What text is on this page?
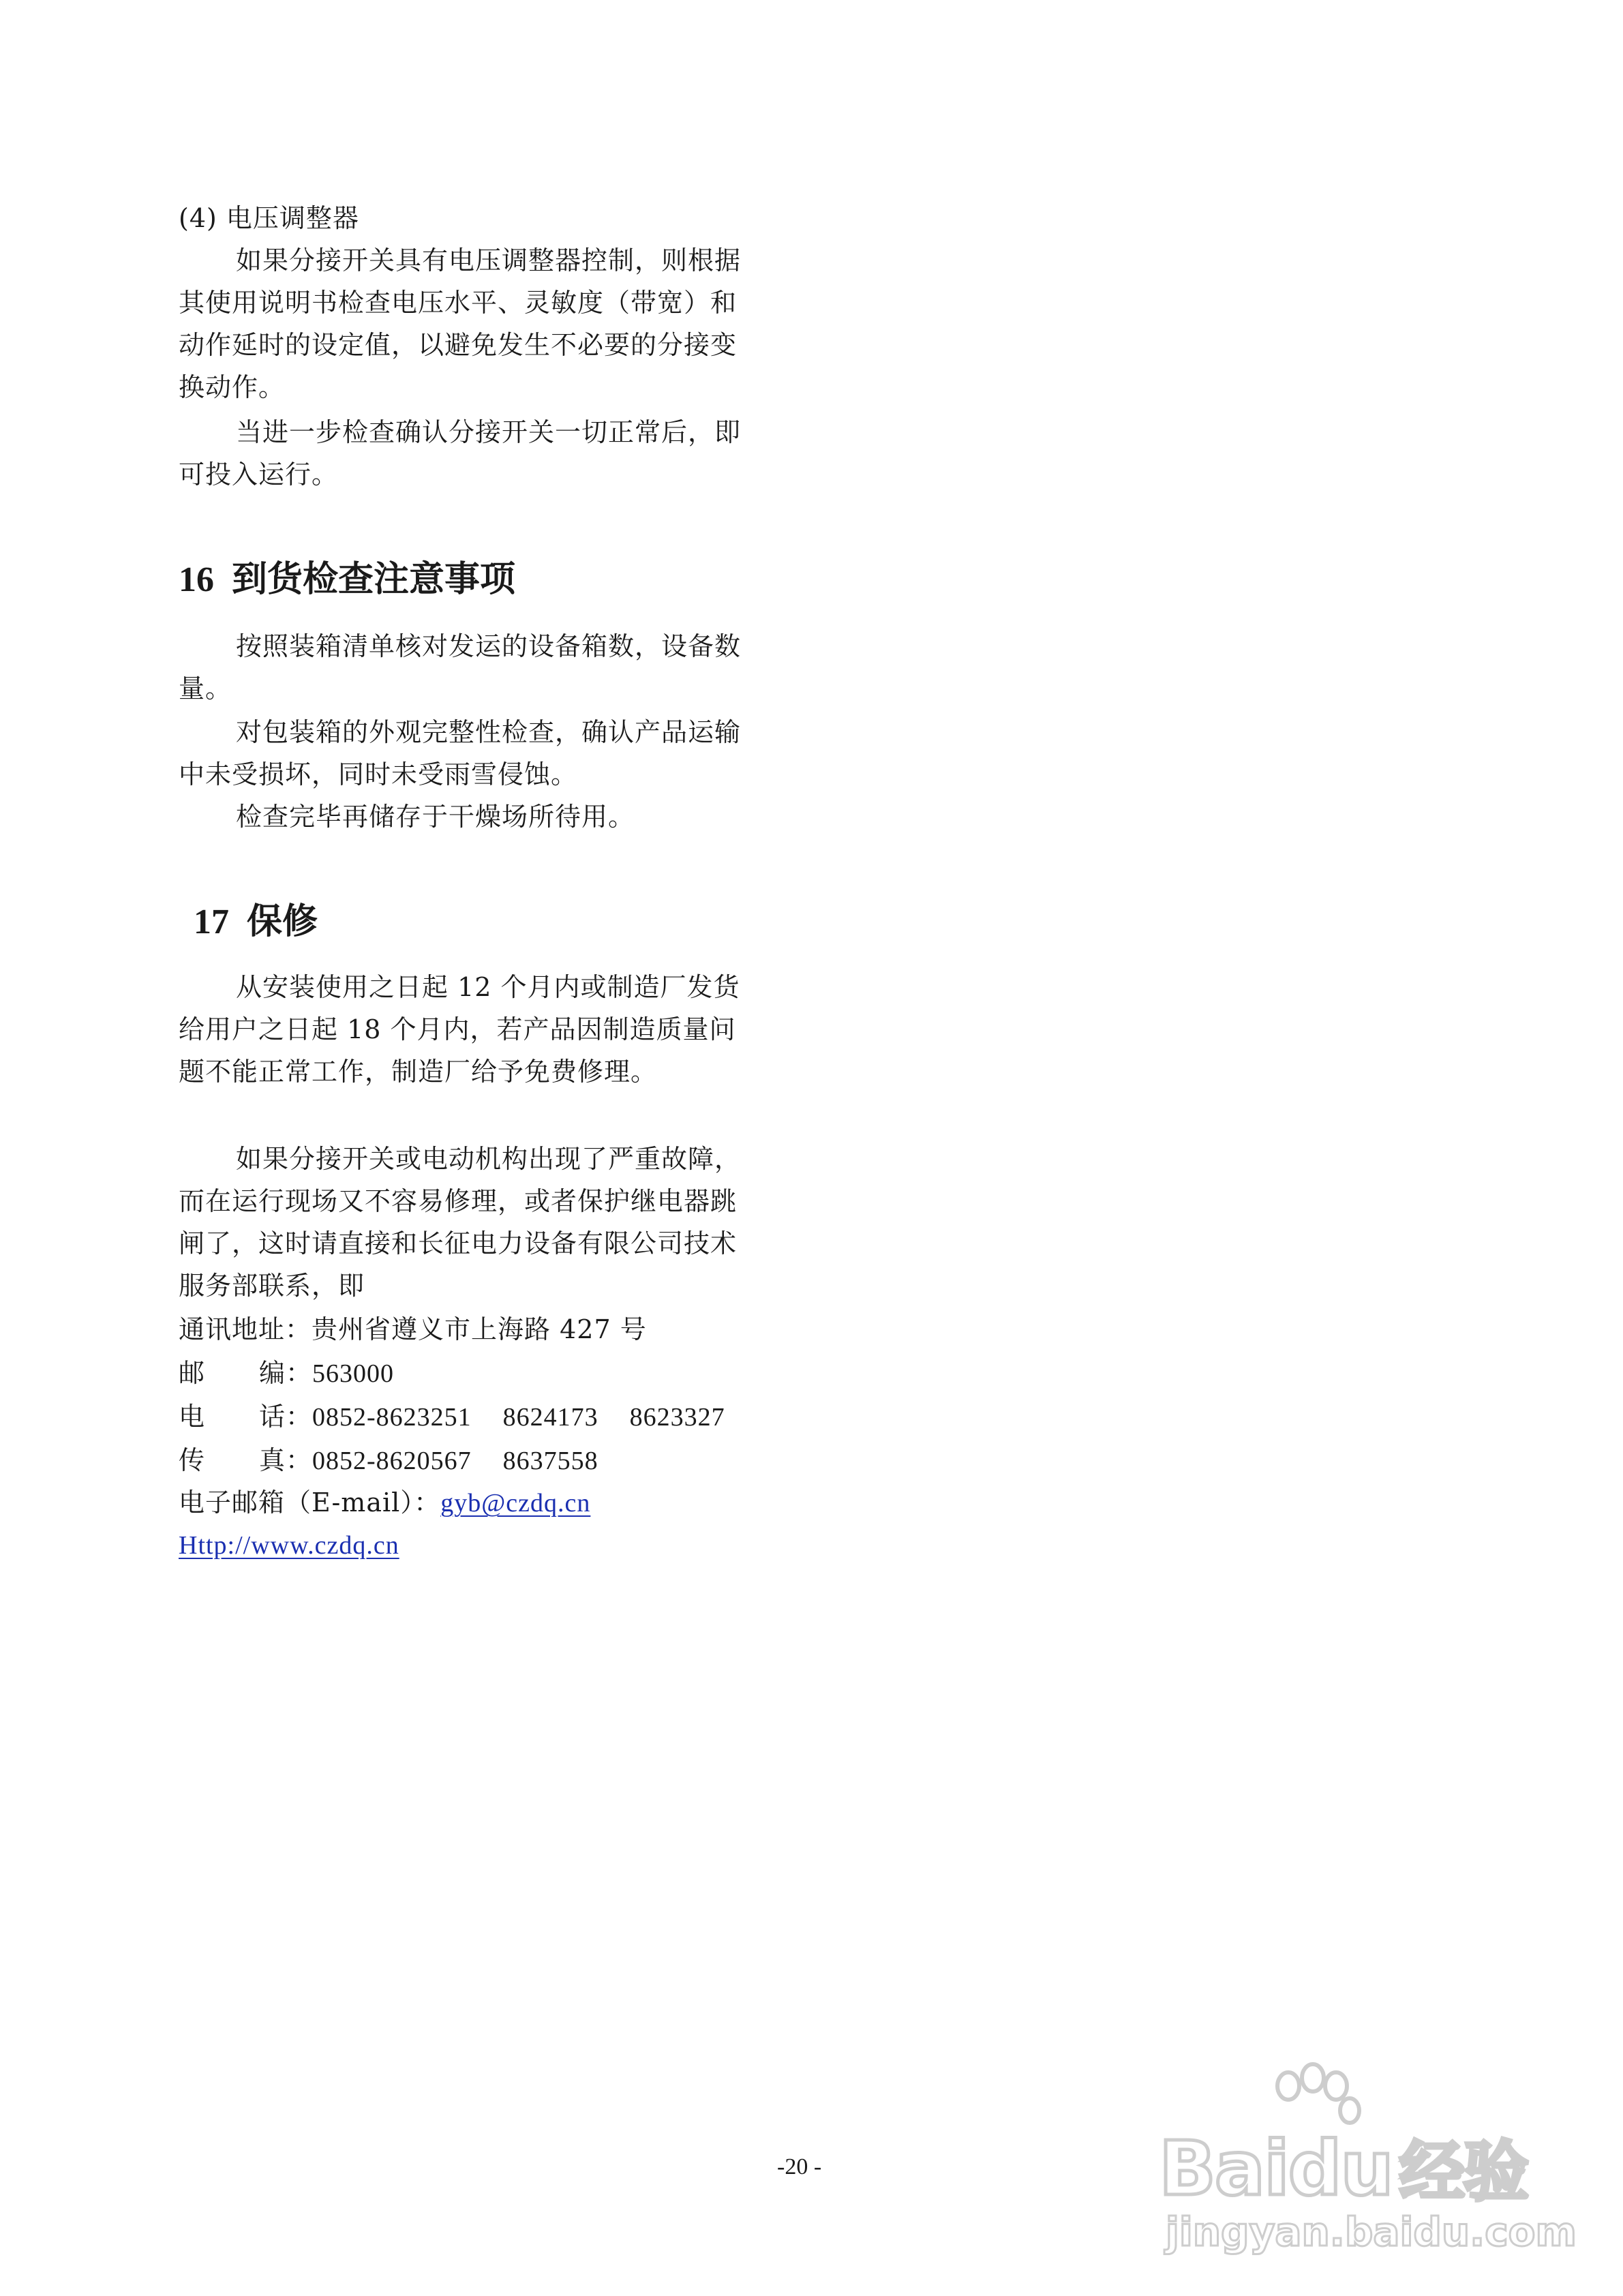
(4) 电压调整器
如果分接开关具有电压调整器控制，则根据
其使用说明书检查电压水平、灵敏度（带宽）和
动作延时的设定值，以避免发生不必要的分接变
换动作。
当进一步检查确认分接开关一切正常后，即
可投入运行。
16 到货检查注意事项
按照装箱清单核对发运的设备箱数，设备数
量。
对包装箱的外观完整性检查，确认产品运输
中未受损坏，同时未受雨雪侵蚀。
检查完毕再储存于干燥场所待用。
17 保修
从安装使用之日起 12 个月内或制造厂发货
给用户之日起 18 个月内，若产品因制造质量问
题不能正常工作，制造厂给予免费修理。
如果分接开关或电动机构出现了严重故障，
而在运行现场又不容易修理，或者保护继电器跳
闸了，这时请直接和长征电力设备有限公司技术
服务部联系，即
通讯地址：贵州省遵义市上海路 427 号
邮 编：563000
电 话：0852-8623251 8624173 8623327
传 真：0852-8620567 8637558
电子邮箱（E-mail）：gyb@czdq.cn
Http://www.czdq.cn
-20 -	Baidu 经验
jingyan.baidu.com
